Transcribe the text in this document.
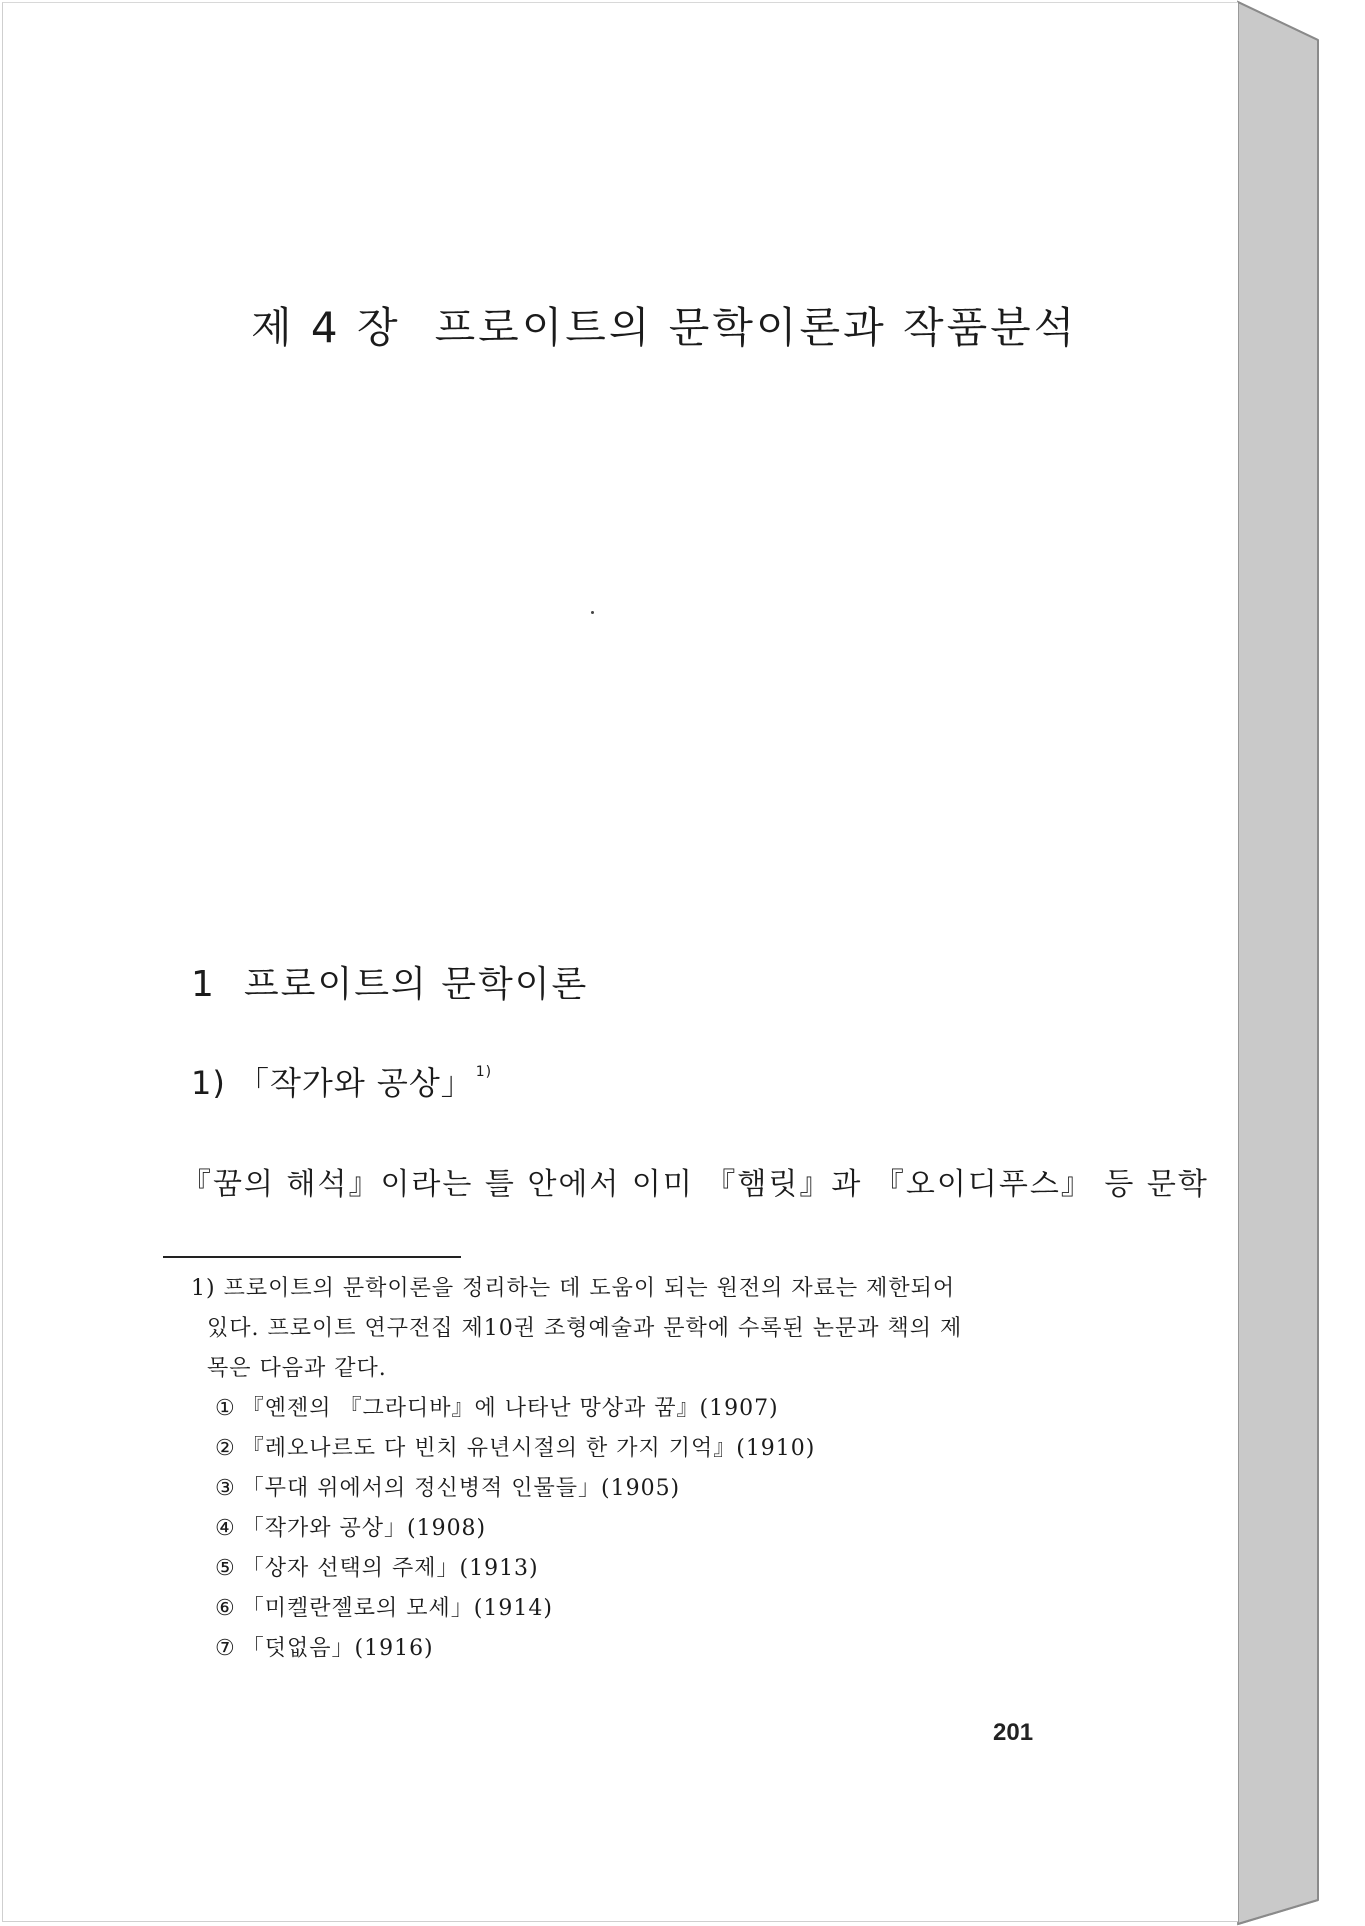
제 4 장 프로이트의 문학이론과 작품분석
1 프로이트의 문학이론
1) 「작가와 공상」 $^{1)}$
『꿈의 해석』이라는 틀 안에서 이미 『햄릿』과 『오이디푸스』 등 문학
1) 프로이트의 문학이론을 정리하는 데 도움이 되는 원전의 자료는 제한되어
있다. 프로이트 연구전집 제10권 조형예술과 문학에 수록된 논문과 책의 제
목은 다음과 같다.
① 『옌젠의 『그라디바』에 나타난 망상과 꿈』(1907)
② 『레오나르도 다 빈치 유년시절의 한 가지 기억』(1910)
③ 「무대 위에서의 정신병적 인물들」(1905)
④ 「작가와 공상」(1908)
⑤ 「상자 선택의 주제」(1913)
⑥ 「미켈란젤로의 모세」(1914)
⑦ 「덧없음」(1916)
201
